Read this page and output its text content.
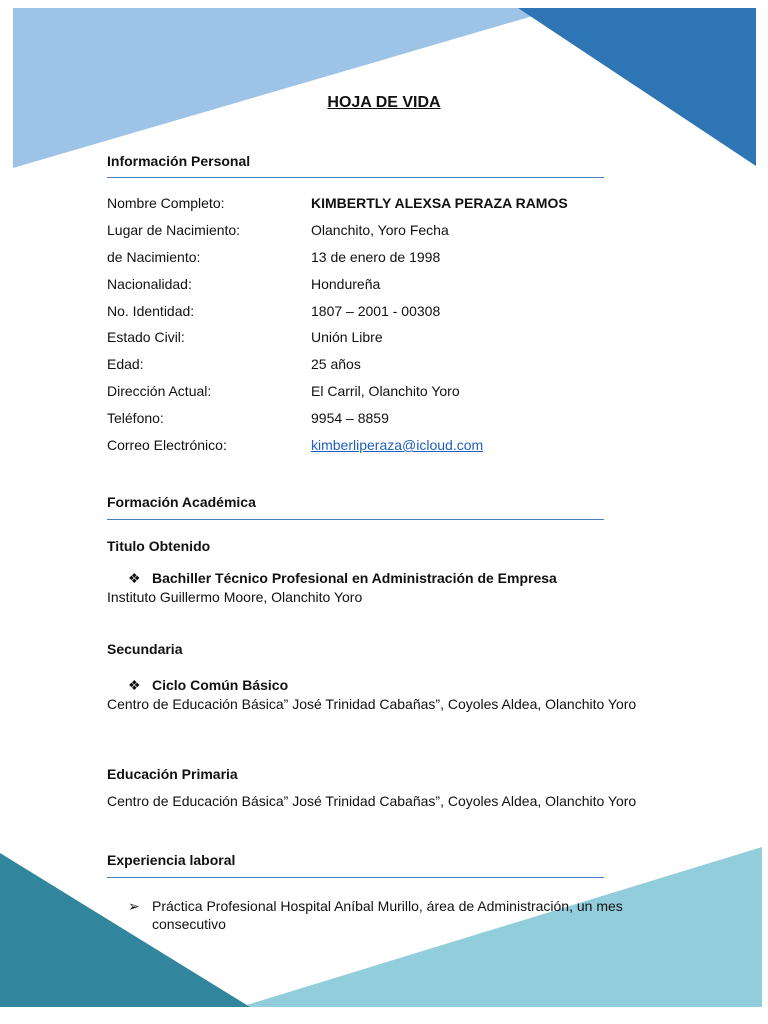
HOJA DE VIDA
Información Personal
Nombre Completo:	KIMBERTLY ALEXSA PERAZA RAMOS
Lugar de Nacimiento:	Olanchito, Yoro Fecha
de Nacimiento:	13 de enero de 1998
Nacionalidad:	Hondureña
No. Identidad:	1807 – 2001 - 00308
Estado Civil:	Unión Libre
Edad:	25 años
Dirección Actual:	El Carril, Olanchito Yoro
Teléfono:	9954 – 8859
Correo Electrónico:	kimberliperaza@icloud.com
Formación Académica
Titulo Obtenido
❖ Bachiller Técnico Profesional en Administración de Empresa
Instituto Guillermo Moore, Olanchito Yoro
Secundaria
❖ Ciclo Común Básico
Centro de Educación Básica” José Trinidad Cabañas”, Coyoles Aldea, Olanchito Yoro
Educación Primaria
Centro de Educación Básica” José Trinidad Cabañas”, Coyoles Aldea, Olanchito Yoro
Experiencia laboral
➢ Práctica Profesional Hospital Aníbal Murillo, área de Administración, un mes consecutivo
